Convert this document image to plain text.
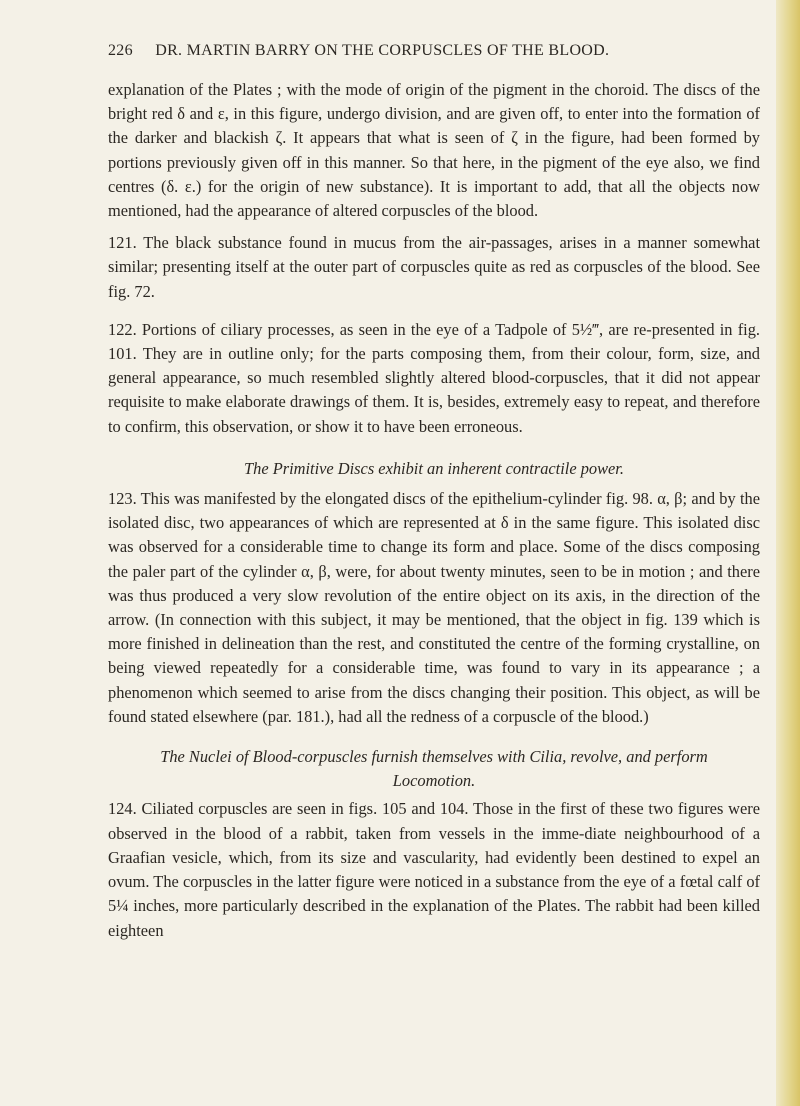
226 DR. MARTIN BARRY ON THE CORPUSCLES OF THE BLOOD.

explanation of the Plates ; with the mode of origin of the pigment in the choroid. The discs of the bright red δ and ε, in this figure, undergo division, and are given off, to enter into the formation of the darker and blackish ζ. It appears that what is seen of ζ in the figure, had been formed by portions previously given off in this manner. So that here, in the pigment of the eye also, we find centres (δ. ε.) for the origin of new substance). It is important to add, that all the objects now mentioned, had the appearance of altered corpuscles of the blood.

121. The black substance found in mucus from the air-passages, arises in a manner somewhat similar; presenting itself at the outer part of corpuscles quite as red as corpuscles of the blood. See fig. 72.

122. Portions of ciliary processes, as seen in the eye of a Tadpole of 5½‴, are re-presented in fig. 101. They are in outline only; for the parts composing them, from their colour, form, size, and general appearance, so much resembled slightly altered blood-corpuscles, that it did not appear requisite to make elaborate drawings of them. It is, besides, extremely easy to repeat, and therefore to confirm, this observation, or show it to have been erroneous.

The Primitive Discs exhibit an inherent contractile power.

123. This was manifested by the elongated discs of the epithelium-cylinder fig. 98. α, β; and by the isolated disc, two appearances of which are represented at δ in the same figure. This isolated disc was observed for a considerable time to change its form and place. Some of the discs composing the paler part of the cylinder α, β, were, for about twenty minutes, seen to be in motion ; and there was thus produced a very slow revolution of the entire object on its axis, in the direction of the arrow. (In connection with this subject, it may be mentioned, that the object in fig. 139 which is more finished in delineation than the rest, and constituted the centre of the forming crystalline, on being viewed repeatedly for a considerable time, was found to vary in its appearance ; a phenomenon which seemed to arise from the discs changing their position. This object, as will be found stated elsewhere (par. 181.), had all the redness of a corpuscle of the blood.)

The Nuclei of Blood-corpuscles furnish themselves with Cilia, revolve, and perform
Locomotion.

124. Ciliated corpuscles are seen in figs. 105 and 104. Those in the first of these two figures were observed in the blood of a rabbit, taken from vessels in the imme-diate neighbourhood of a Graafian vesicle, which, from its size and vascularity, had evidently been destined to expel an ovum. The corpuscles in the latter figure were noticed in a substance from the eye of a fœtal calf of 5¼ inches, more particularly described in the explanation of the Plates. The rabbit had been killed eighteen
